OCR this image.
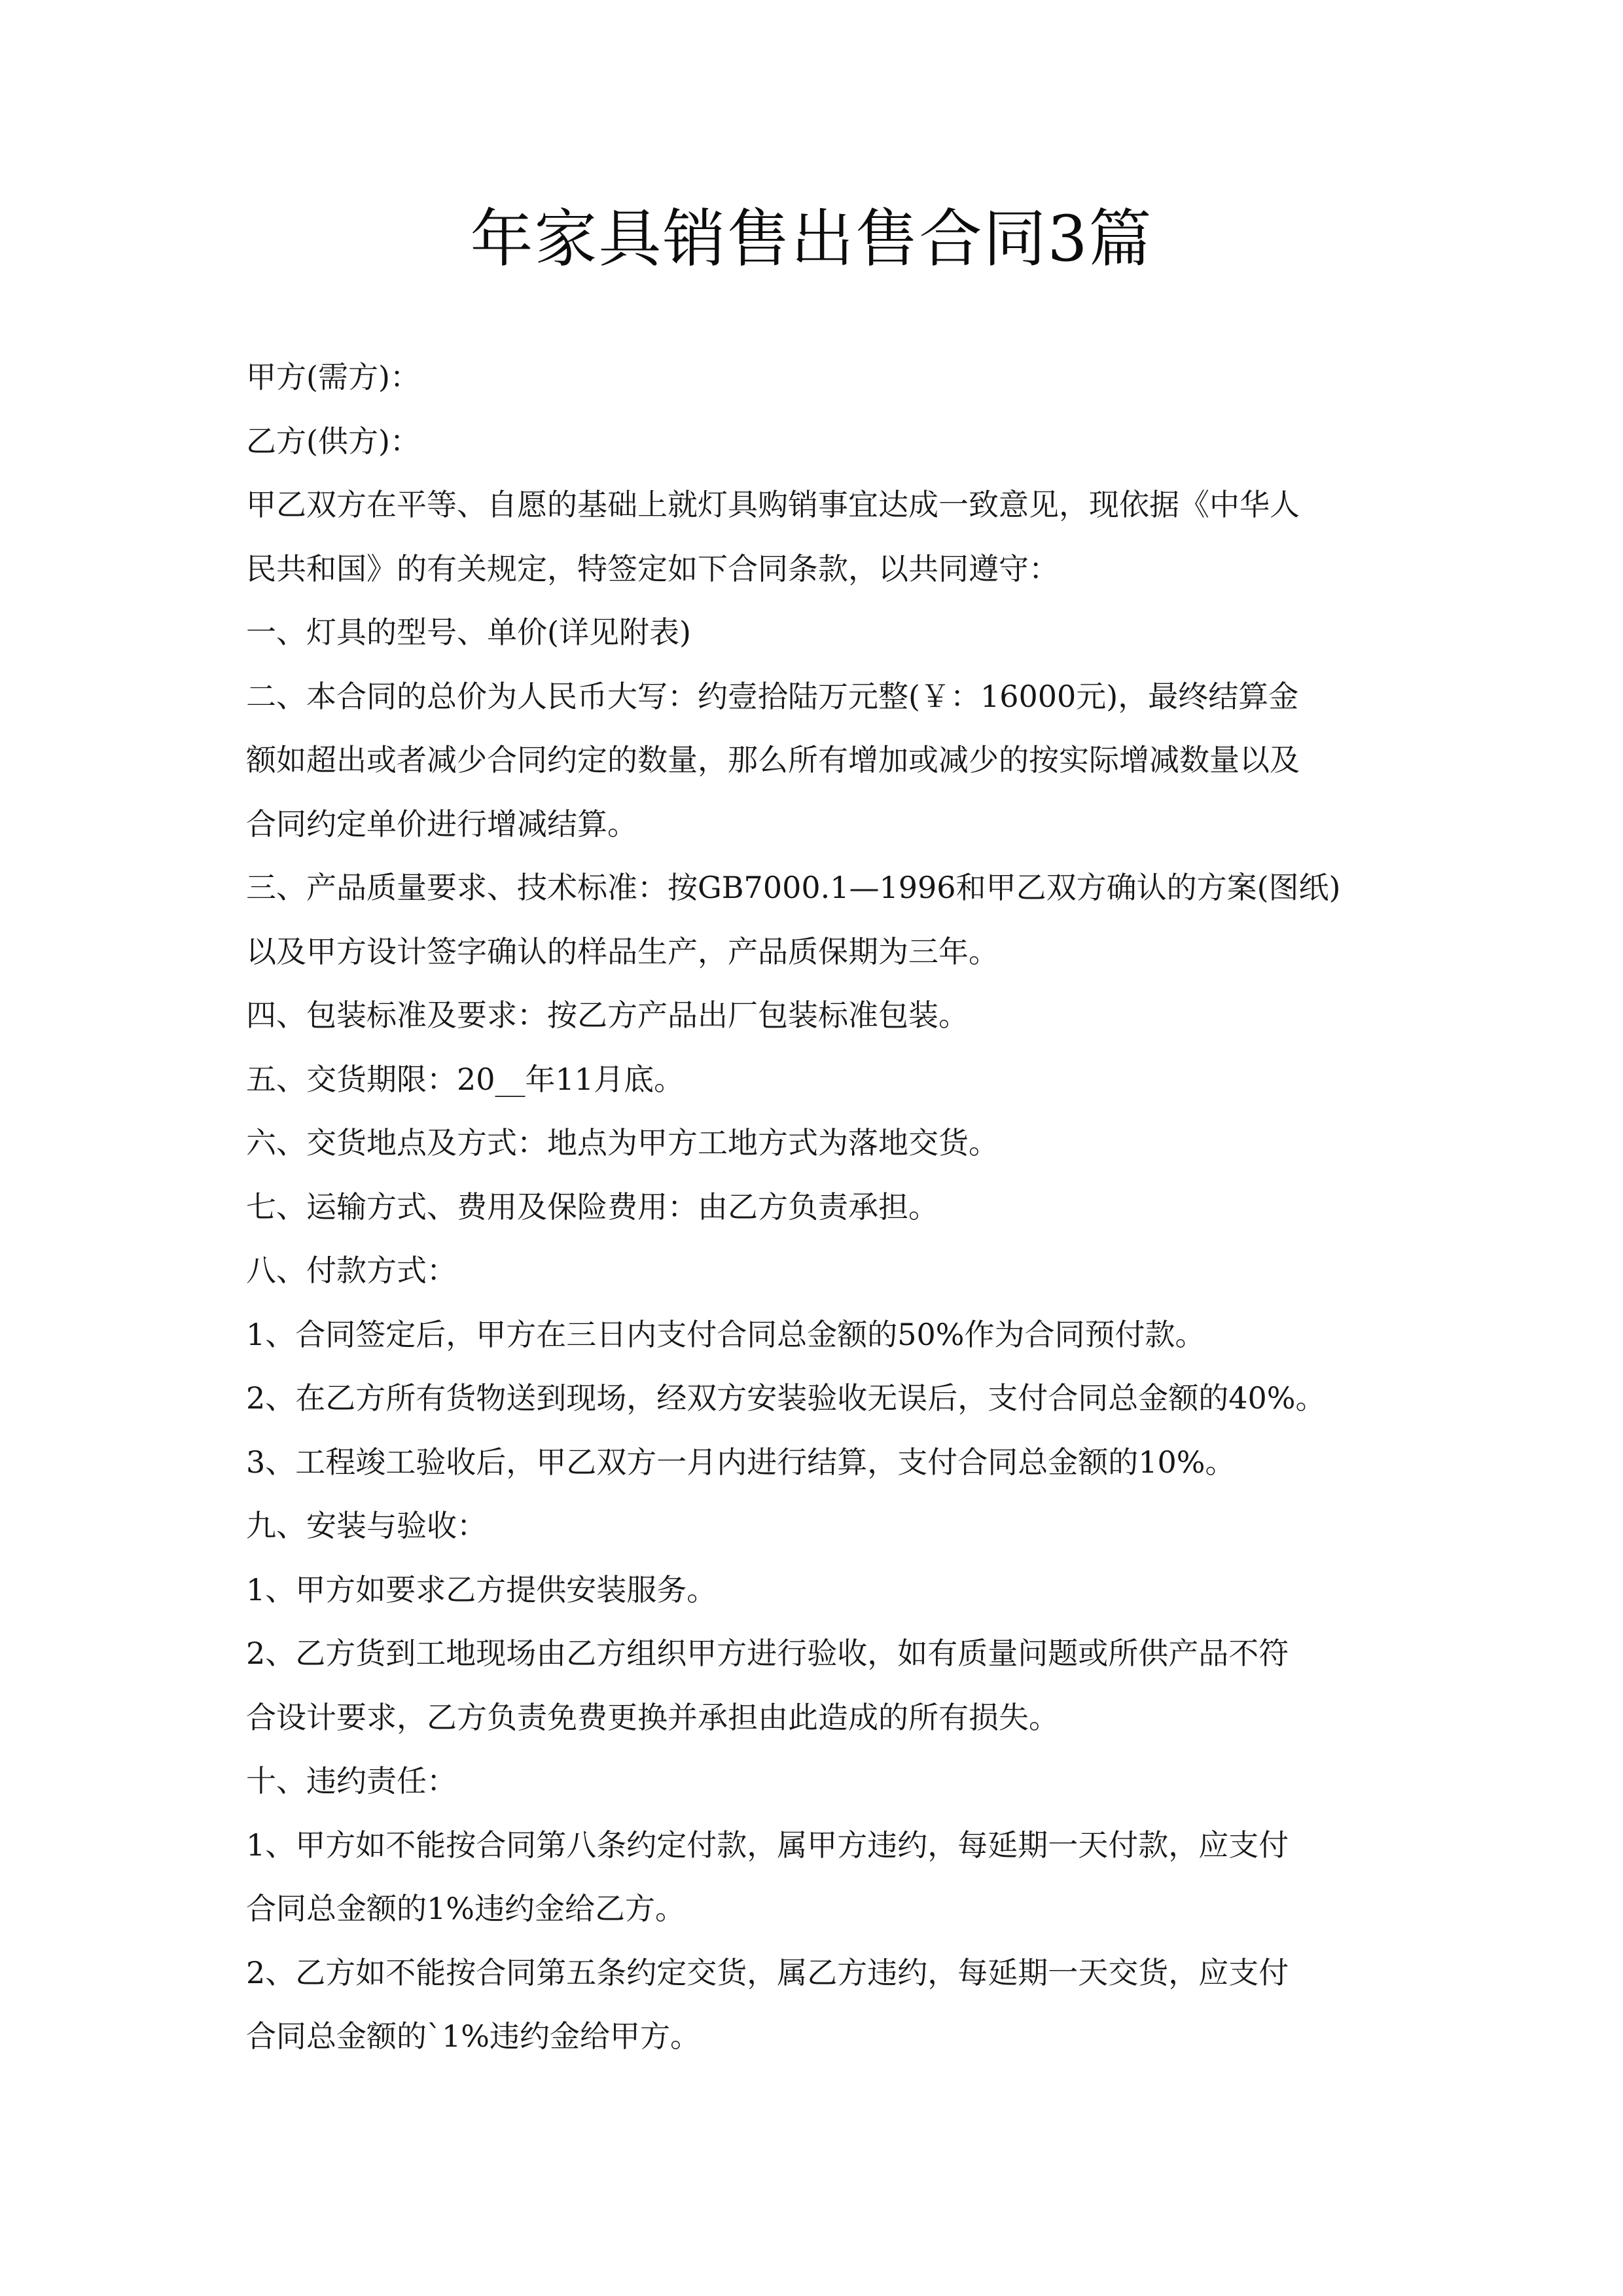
年家具销售出售合同3篇
甲方(需方)：
乙方(供方)：
甲乙双方在平等、自愿的基础上就灯具购销事宜达成一致意见，现依据《中华人
民共和国》的有关规定，特签定如下合同条款，以共同遵守：
一、灯具的型号、单价(详见附表)
二、本合同的总价为人民币大写：约壹拾陆万元整(￥：16000元)，最终结算金
额如超出或者减少合同约定的数量，那么所有增加或减少的按实际增减数量以及
合同约定单价进行增减结算。
三、产品质量要求、技术标准：按GB7000.1—1996和甲乙双方确认的方案(图纸)
以及甲方设计签字确认的样品生产，产品质保期为三年。
四、包装标准及要求：按乙方产品出厂包装标准包装。
五、交货期限：20__年11月底。
六、交货地点及方式：地点为甲方工地方式为落地交货。
七、运输方式、费用及保险费用：由乙方负责承担。
八、付款方式：
1、合同签定后，甲方在三日内支付合同总金额的50%作为合同预付款。
2、在乙方所有货物送到现场，经双方安装验收无误后，支付合同总金额的40%。
3、工程竣工验收后，甲乙双方一月内进行结算，支付合同总金额的10%。
九、安装与验收：
1、甲方如要求乙方提供安装服务。
2、乙方货到工地现场由乙方组织甲方进行验收，如有质量问题或所供产品不符
合设计要求，乙方负责免费更换并承担由此造成的所有损失。
十、违约责任：
1、甲方如不能按合同第八条约定付款，属甲方违约，每延期一天付款，应支付
合同总金额的1%违约金给乙方。
2、乙方如不能按合同第五条约定交货，属乙方违约，每延期一天交货，应支付
合同总金额的`1%违约金给甲方。
